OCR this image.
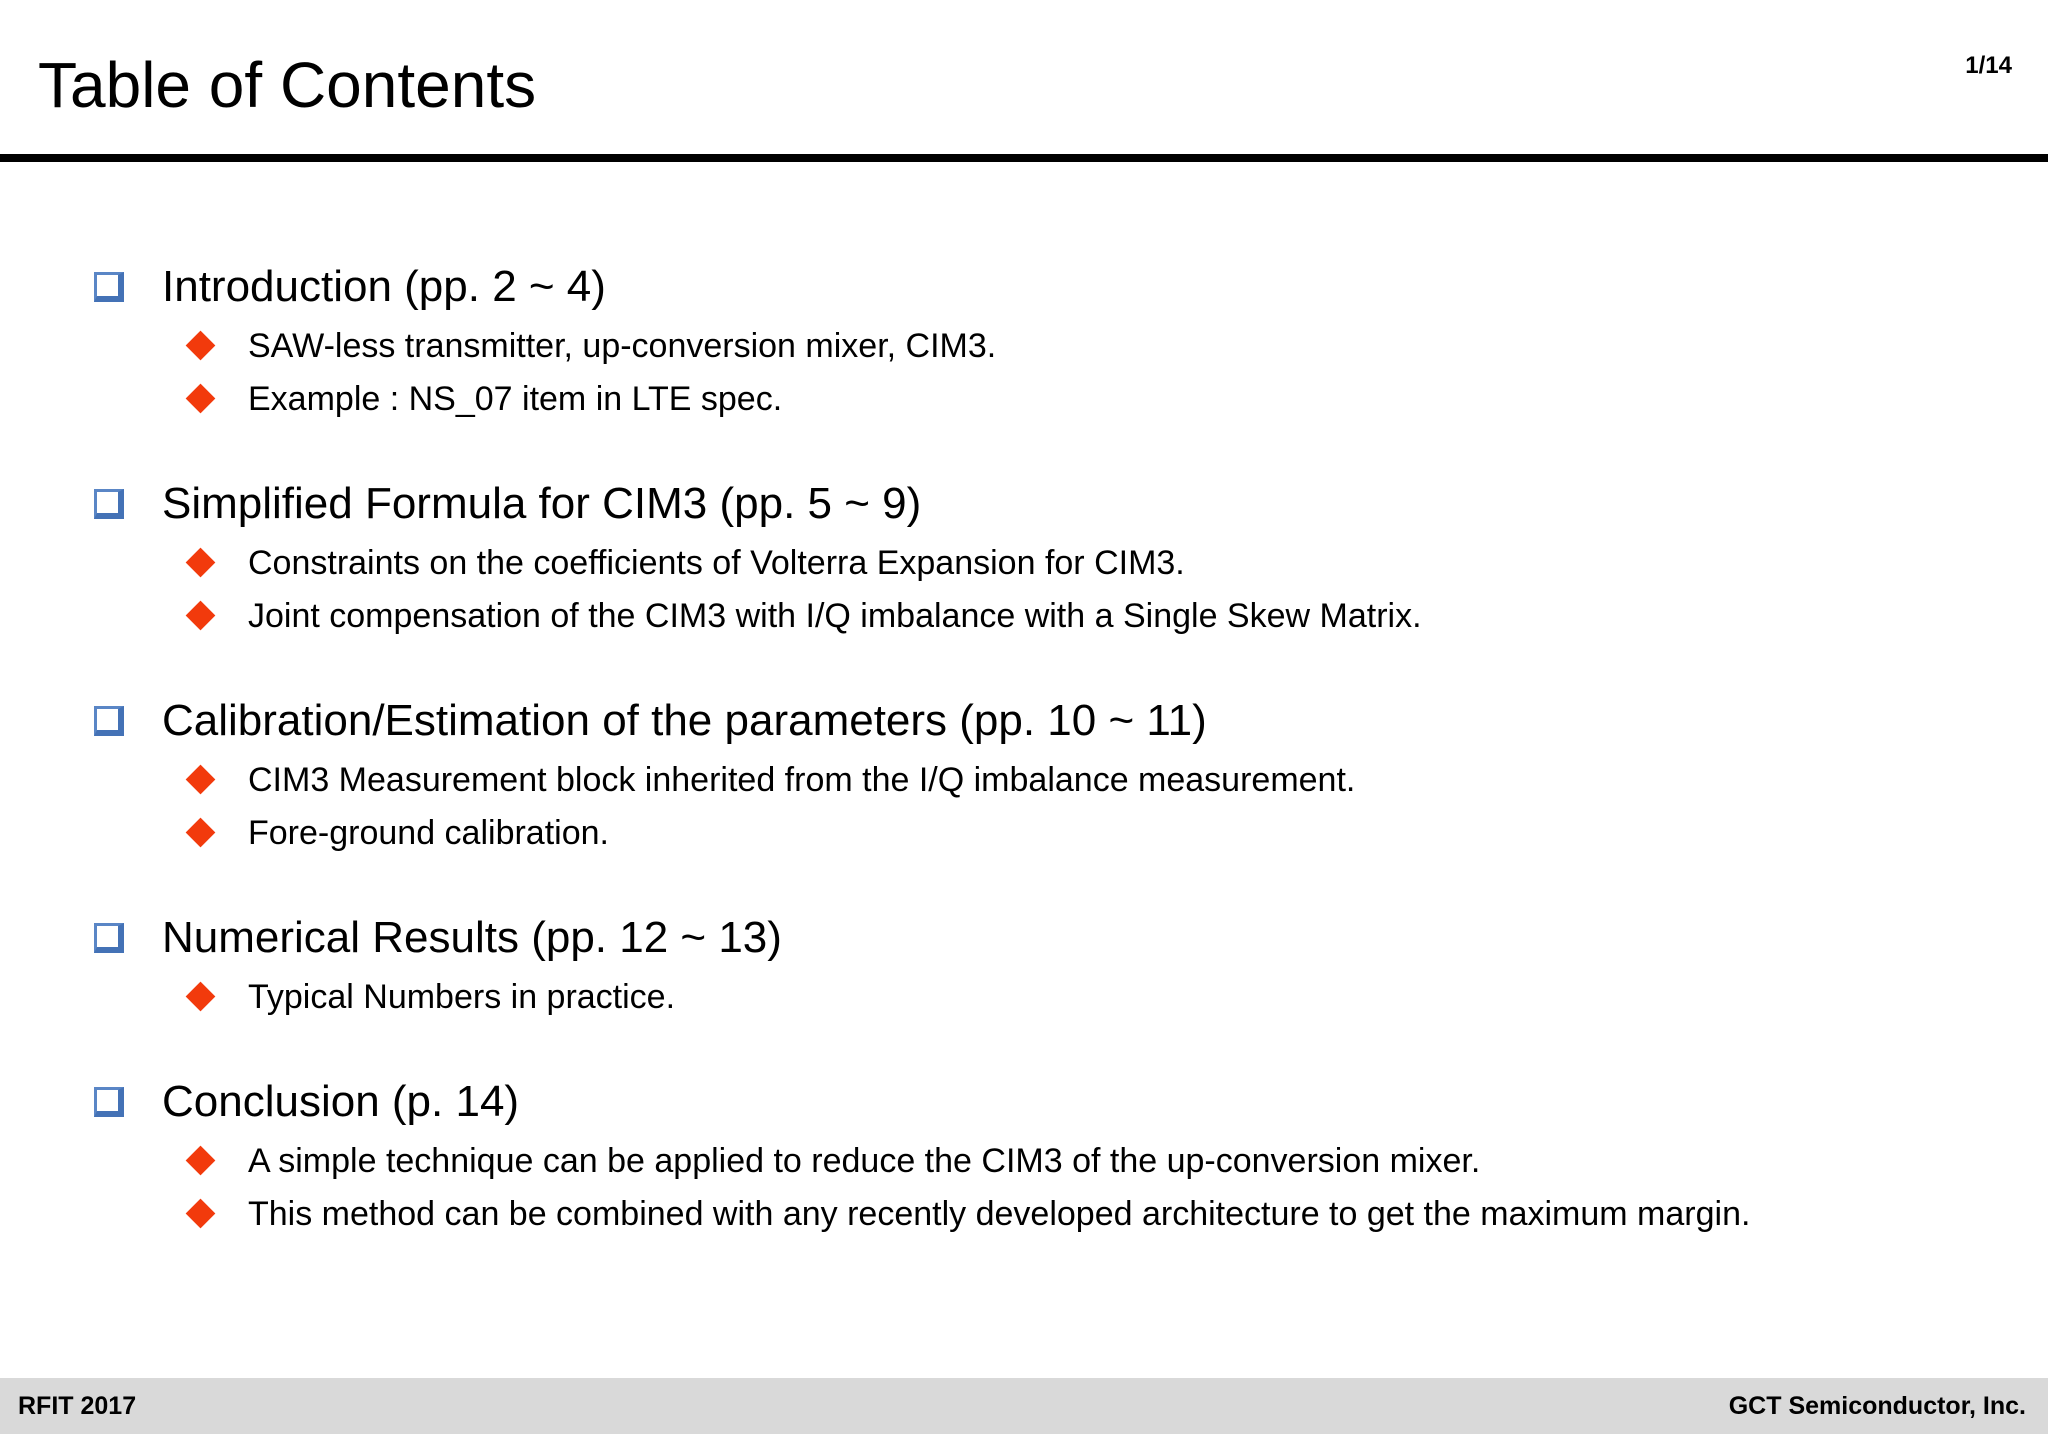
Table of Contents	1/14
Introduction (pp. 2 ~ 4)
SAW-less transmitter, up-conversion mixer, CIM3.
Example : NS_07 item in LTE spec.
Simplified Formula for CIM3 (pp. 5 ~ 9)
Constraints on the coefficients of Volterra Expansion for CIM3.
Joint compensation of the CIM3 with I/Q imbalance with a Single Skew Matrix.
Calibration/Estimation of the parameters (pp. 10 ~ 11)
CIM3 Measurement block inherited from the I/Q imbalance measurement.
Fore-ground calibration.
Numerical Results (pp. 12 ~ 13)
Typical Numbers in practice.
Conclusion (p. 14)
A simple technique can be applied to reduce the CIM3 of the up-conversion mixer.
This method can be combined with any recently developed architecture to get the maximum margin.
RFIT 2017	GCT Semiconductor, Inc.
